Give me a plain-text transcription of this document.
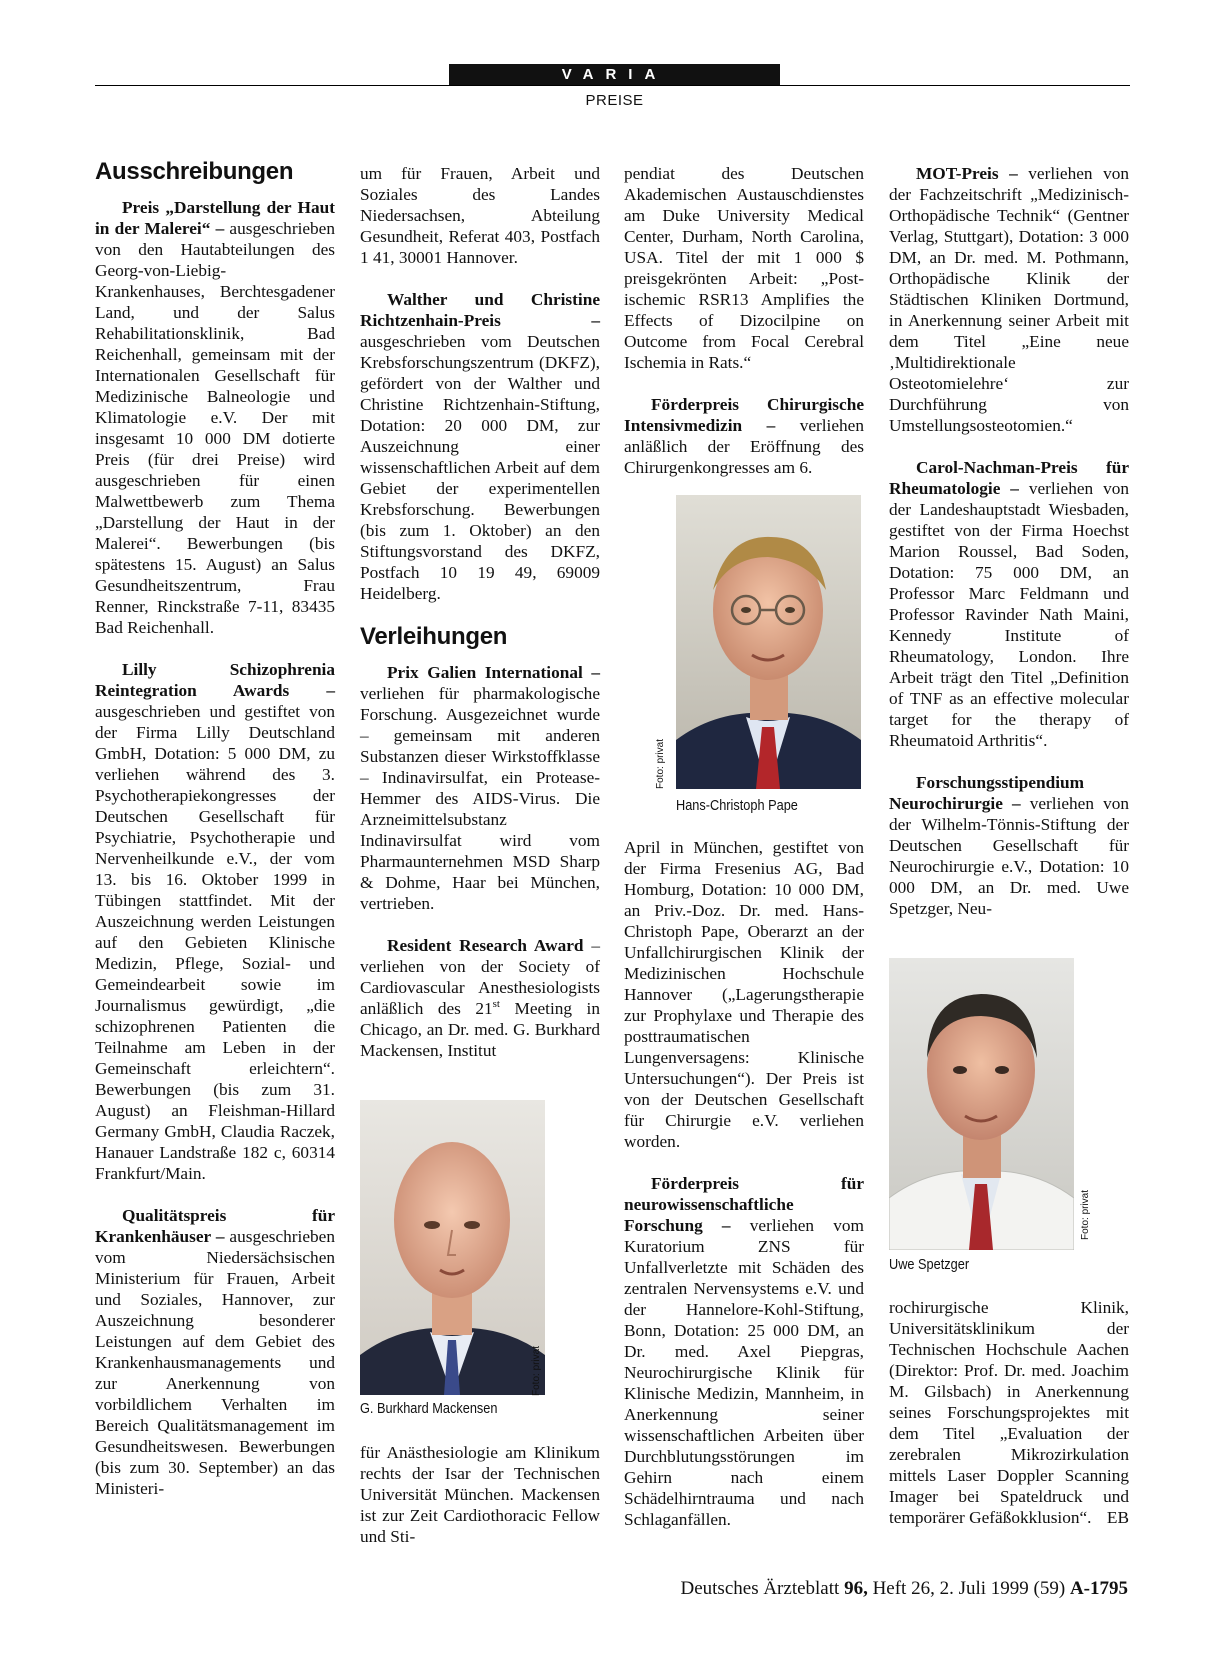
VARIA
PREISE
Ausschreibungen

Preis „Darstellung der Haut in der Malerei“ – ausgeschrieben von den Hautabteilungen des Georg-von-Liebig-Krankenhauses, Berchtesgadener Land, und der Salus Rehabilitationsklinik, Bad Reichenhall, gemeinsam mit der Internationalen Gesellschaft für Medizinische Balneologie und Klimatologie e.V. Der mit insgesamt 10 000 DM dotierte Preis (für drei Preise) wird ausgeschrieben für einen Malwettbewerb zum Thema „Darstellung der Haut in der Malerei“. Bewerbungen (bis spätestens 15. August) an Salus Gesundheitszentrum, Frau Renner, Rinckstraße 7-11, 83435 Bad Reichenhall.

Lilly Schizophrenia Reintegration Awards – ausgeschrieben und gestiftet von der Firma Lilly Deutschland GmbH, Dotation: 5 000 DM, zu verliehen während des 3. Psychotherapiekongresses der Deutschen Gesellschaft für Psychiatrie, Psychotherapie und Nervenheilkunde e.V., der vom 13. bis 16. Oktober 1999 in Tübingen stattfindet. Mit der Auszeichnung werden Leistungen auf den Gebieten Klinische Medizin, Pflege, Sozial- und Gemeindearbeit sowie im Journalismus gewürdigt, „die schizophrenen Patienten die Teilnahme am Leben in der Gemeinschaft erleichtern“. Bewerbungen (bis zum 31. August) an Fleishman-Hillard Germany GmbH, Claudia Raczek, Hanauer Landstraße 182 c, 60314 Frankfurt/Main.

Qualitätspreis für Krankenhäuser – ausgeschrieben vom Niedersächsischen Ministerium für Frauen, Arbeit und Soziales, Hannover, zur Auszeichnung besonderer Leistungen auf dem Gebiet des Krankenhausmanagements und zur Anerkennung von vorbildlichem Verhalten im Bereich Qualitätsmanagement im Gesundheitswesen. Bewerbungen (bis zum 30. September) an das Ministeri-

um für Frauen, Arbeit und Soziales des Landes Niedersachsen, Abteilung Gesundheit, Referat 403, Postfach 1 41, 30001 Hannover.

Walther und Christine Richtzenhain-Preis – ausgeschrieben vom Deutschen Krebsforschungszentrum (DKFZ), gefördert von der Walther und Christine Richtzenhain-Stiftung, Dotation: 20 000 DM, zur Auszeichnung einer wissenschaftlichen Arbeit auf dem Gebiet der experimentellen Krebsforschung. Bewerbungen (bis zum 1. Oktober) an den Stiftungsvorstand des DKFZ, Postfach 10 19 49, 69009 Heidelberg.

Verleihungen

Prix Galien International – verliehen für pharmakologische Forschung. Ausgezeichnet wurde – gemeinsam mit anderen Substanzen dieser Wirkstoffklasse – Indinavirsulfat, ein Protease-Hemmer des AIDS-Virus. Die Arzneimittelsubstanz Indinavirsulfat wird vom Pharmaunternehmen MSD Sharp & Dohme, Haar bei München, vertrieben.

Resident Research Award – verliehen von der Society of Cardiovascular Anesthesiologists anläßlich des 21st Meeting in Chicago, an Dr. med. G. Burkhard Mackensen, Institut

Foto: privat
G. Burkhard Mackensen

für Anästhesiologie am Klinikum rechts der Isar der Technischen Universität München. Mackensen ist zur Zeit Cardiothoracic Fellow und Sti-

pendiat des Deutschen Akademischen Austauschdienstes am Duke University Medical Center, Durham, North Carolina, USA. Titel der mit 1 000 $ preisgekrönten Arbeit: „Post-ischemic RSR13 Amplifies the Effects of Dizocilpine on Outcome from Focal Cerebral Ischemia in Rats.“

Förderpreis Chirurgische Intensivmedizin – verliehen anläßlich der Eröffnung des Chirurgenkongresses am 6.

Foto: privat
Hans-Christoph Pape

April in München, gestiftet von der Firma Fresenius AG, Bad Homburg, Dotation: 10 000 DM, an Priv.-Doz. Dr. med. Hans-Christoph Pape, Oberarzt an der Unfallchirurgischen Klinik der Medizinischen Hochschule Hannover („Lagerungstherapie zur Prophylaxe und Therapie des posttraumatischen Lungenversagens: Klinische Untersuchungen“). Der Preis ist von der Deutschen Gesellschaft für Chirurgie e.V. verliehen worden.

Förderpreis für neurowissenschaftliche Forschung – verliehen vom Kuratorium ZNS für Unfallverletzte mit Schäden des zentralen Nervensystems e.V. und der Hannelore-Kohl-Stiftung, Bonn, Dotation: 25 000 DM, an Dr. med. Axel Piepgras, Neurochirurgische Klinik für Klinische Medizin, Mannheim, in Anerkennung seiner wissenschaftlichen Arbeiten über Durchblutungsstörungen im Gehirn nach einem Schädelhirntrauma und nach Schlaganfällen.

MOT-Preis – verliehen von der Fachzeitschrift „Medizinisch-Orthopädische Technik“ (Gentner Verlag, Stuttgart), Dotation: 3 000 DM, an Dr. med. M. Pothmann, Orthopädische Klinik der Städtischen Kliniken Dortmund, in Anerkennung seiner Arbeit mit dem Titel „Eine neue ‚Multidirektionale Osteotomielehre‘ zur Durchführung von Umstellungsosteotomien.“

Carol-Nachman-Preis für Rheumatologie – verliehen von der Landeshauptstadt Wiesbaden, gestiftet von der Firma Hoechst Marion Roussel, Bad Soden, Dotation: 75 000 DM, an Professor Marc Feldmann und Professor Ravinder Nath Maini, Kennedy Institute of Rheumatology, London. Ihre Arbeit trägt den Titel „Definition of TNF as an effective molecular target for the therapy of Rheumatoid Arthritis“.

Forschungsstipendium Neurochirurgie – verliehen von der Wilhelm-Tönnis-Stiftung der Deutschen Gesellschaft für Neurochirurgie e.V., Dotation: 10 000 DM, an Dr. med. Uwe Spetzger, Neu-

Foto: privat
Uwe Spetzger

rochirurgische Klinik, Universitätsklinikum der Technischen Hochschule Aachen (Direktor: Prof. Dr. med. Joachim M. Gilsbach) in Anerkennung seines Forschungsprojektes mit dem Titel „Evaluation der zerebralen Mikrozirkulation mittels Laser Doppler Scanning Imager bei Spateldruck und temporärer Gefäßokklusion“. EB

Deutsches Ärzteblatt 96, Heft 26, 2. Juli 1999 (59) A-1795
